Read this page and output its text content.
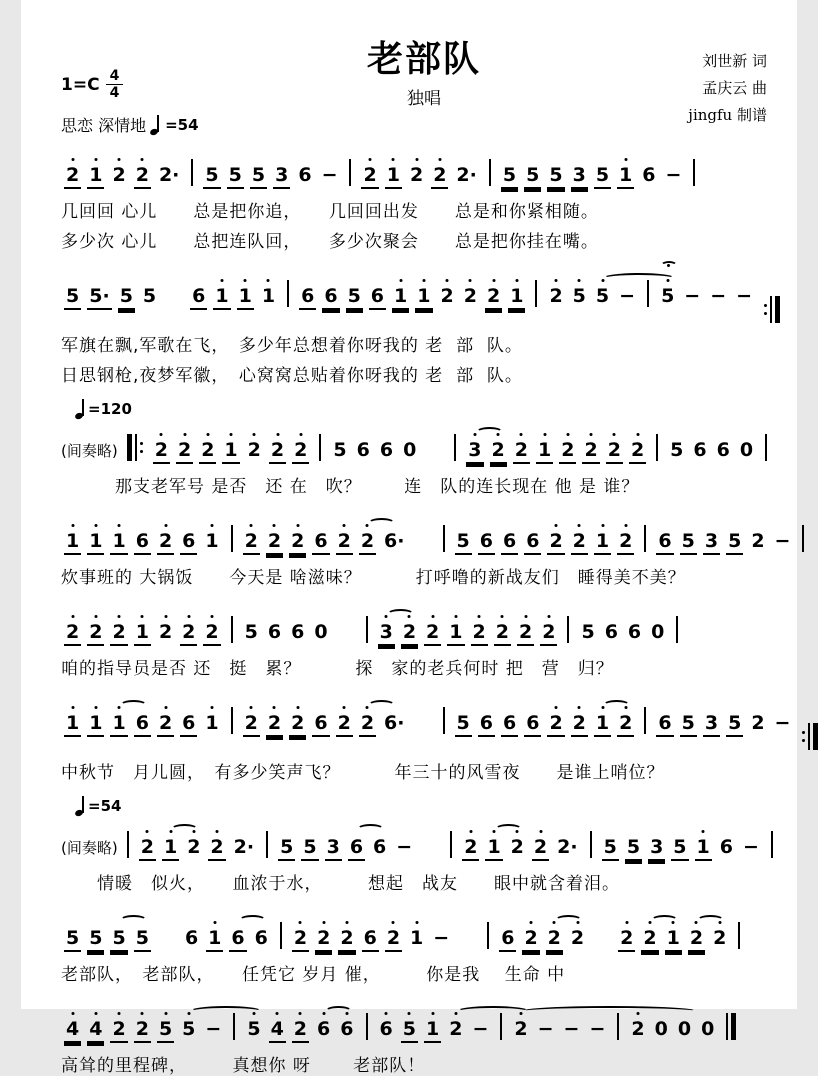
$1=C \frac{4}{4}$
思恋 深情地 =54
老部队
独唱
刘世新 词
孟庆云 曲
jingfu 制谱
2 1 2 2 2· 5 5 5 3 6 − 2 1 2 2 2· 5 5 5 3 5 1 6 −
几回回 心儿　　总是把你追，　　几回回出发　　总是和你紧相随。
多少次 心儿　　总把连队回，　　多少次聚会　　总是把你挂在嘴。
5 5· 5 5 6 1 1 1 6 6 5 6 1 1 2 2 2 1 2 5 5 − 5 − − −
军旗在飘,军歌在飞，　多少年总想着你呀我的 老  部  队。
日思钢枪,夜梦军徽，　心窝窝总贴着你呀我的 老  部  队。
=120
(间奏略) 2 2 2 1 2 2 2 5 6 6 0	3 2 2 1 2 2 2 2 5 6 6 0
　　　那支老军号 是否　还 在　吹？　　 连　队的连长现在 他 是 谁？
1 1 1 6 2 6 1 2 2 2 6 2 2 6·	5 6 6 6 2 2 1 2 6 5 3 5 2 −
炊事班的 大锅饭　　今天是 啥滋味？　　　打呼噜的新战友们　睡得美不美？
2 2 2 1 2 2 2 5 6 6 0	3 2 2 1 2 2 2 2 5 6 6 0
咱的指导员是否 还　挺　累？　　　探　家的老兵何时 把　营　归？
1 1 1 6 2 6 1 2 2 2 6 2 2 6·	5 6 6 6 2 2 1 2 6 5 3 5 2 −
中秋节　月儿圆，　有多少笑声飞？　　　年三十的风雪夜　　是谁上哨位？
=54
(间奏略) 2 1 2 2 2· 5 5 3 6 6 −	2 1 2 2 2· 5 5 3 5 1 6 −
　　情暖　似火，　　血浓于水，　　　想起　战友　　眼中就含着泪。
5 5 5 5 6 1 6 6 2 2 2 6 2 1 −	6 2 2 2 2 2 1 2 2
老部队，　老部队，　　任凭它 岁月 催，　　　你是我　 生命 中
4 4 2 2 5 5 − 5 4 2 6 6 6 5 1 2 − 2 − − − 2 0 0 0
高耸的里程碑，　　　真想你 呀　　 老部队！
